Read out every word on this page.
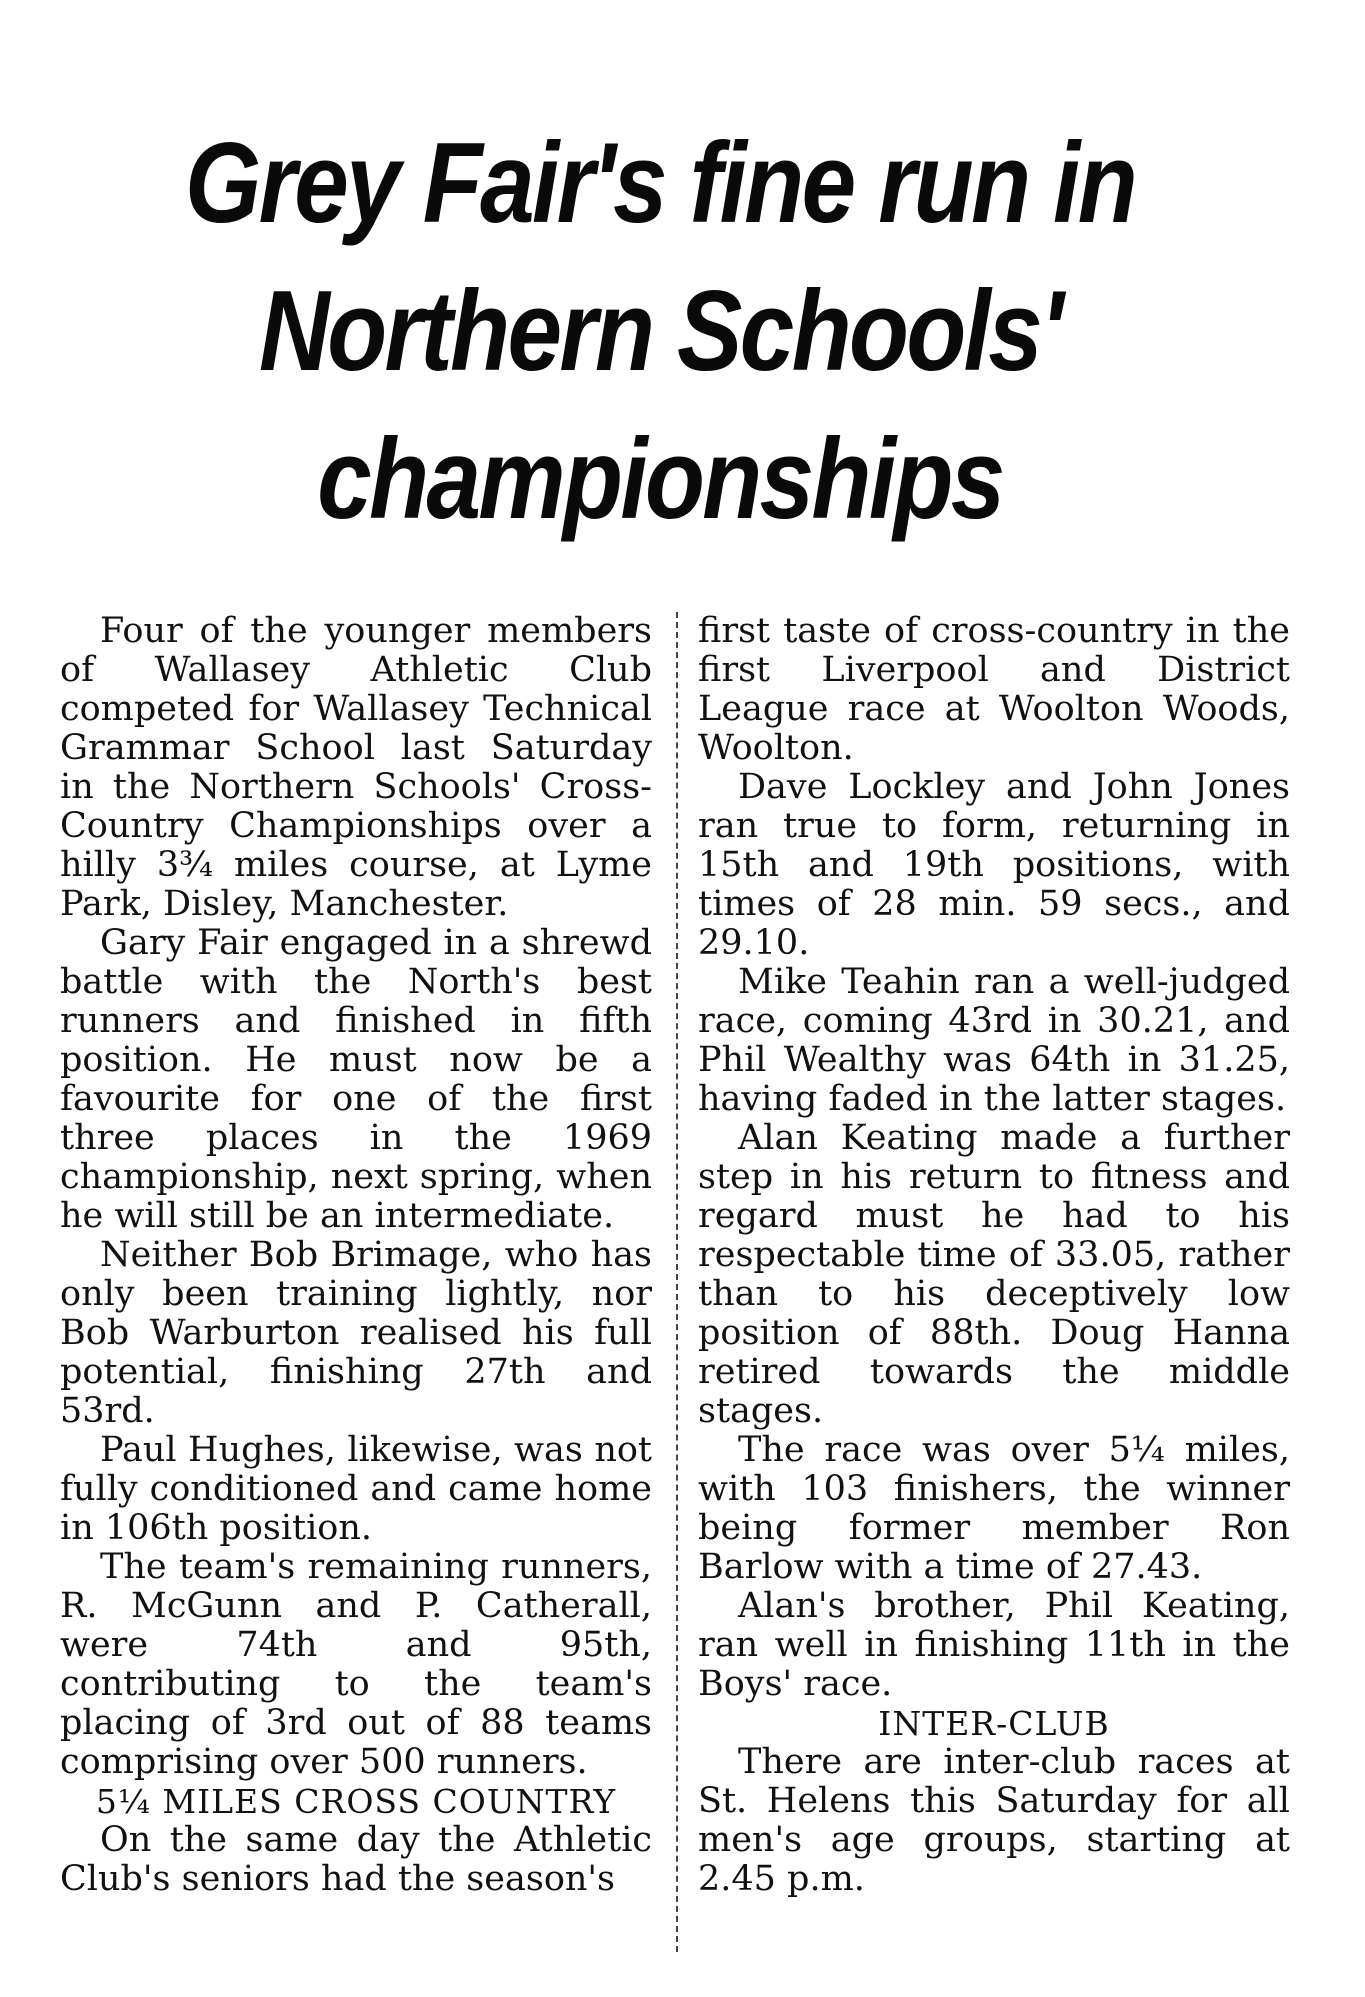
Grey Fair's fine run in
Northern Schools'
championships

Four of the younger members of Wallasey Athletic Club competed for Wallasey Technical Grammar School last Saturday in the Northern Schools' Cross-Country Championships over a hilly 3¾ miles course, at Lyme Park, Disley, Manchester.

Gary Fair engaged in a shrewd battle with the North's best runners and finished in fifth position. He must now be a favourite for one of the first three places in the 1969 championship, next spring, when he will still be an intermediate.

Neither Bob Brimage, who has only been training lightly, nor Bob Warburton realised his full potential, finishing 27th and 53rd.

Paul Hughes, likewise, was not fully conditioned and came home in 106th position.

The team's remaining runners, R. McGunn and P. Catherall, were 74th and 95th, contributing to the team's placing of 3rd out of 88 teams comprising over 500 runners.

5¼ MILES CROSS COUNTRY

On the same day the Athletic Club's seniors had the season's

first taste of cross-country in the first Liverpool and District League race at Woolton Woods, Woolton.

Dave Lockley and John Jones ran true to form, returning in 15th and 19th positions, with times of 28 min. 59 secs., and 29.10.

Mike Teahin ran a well-judged race, coming 43rd in 30.21, and Phil Wealthy was 64th in 31.25, having faded in the latter stages.

Alan Keating made a further step in his return to fitness and regard must he had to his respectable time of 33.05, rather than to his deceptively low position of 88th. Doug Hanna retired towards the middle stages.

The race was over 5¼ miles, with 103 finishers, the winner being former member Ron Barlow with a time of 27.43.

Alan's brother, Phil Keating, ran well in finishing 11th in the Boys' race.

INTER-CLUB

There are inter-club races at St. Helens this Saturday for all men's age groups, starting at 2.45 p.m.
